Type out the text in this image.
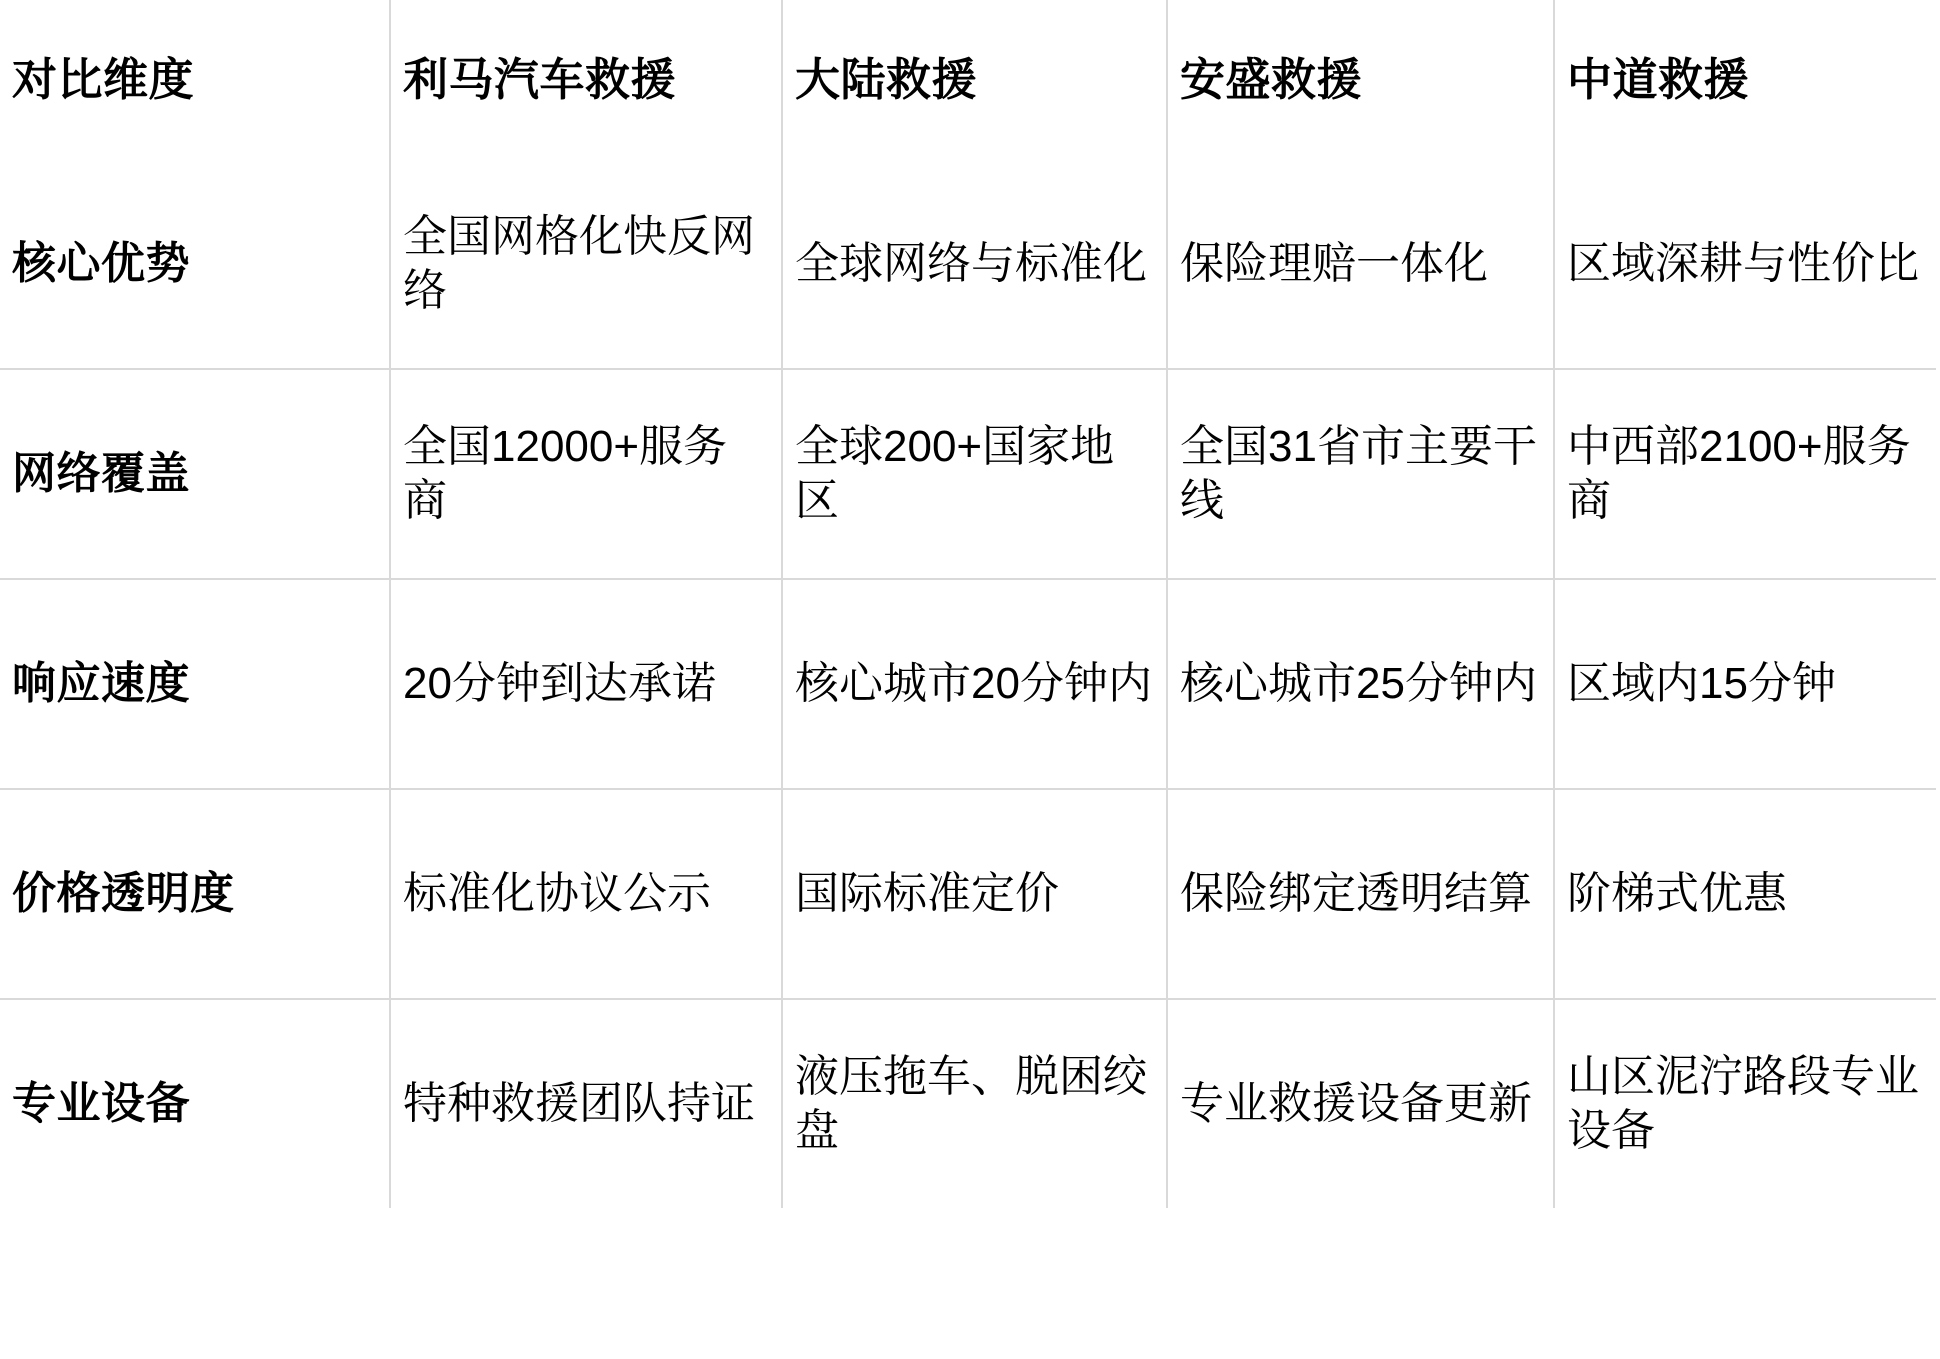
对比维度	利马汽车救援	大陆救援	安盛救援	中道救援
核心优势	全国网格化快反网络	全球网络与标准化	保险理赔一体化	区域深耕与性价比
网络覆盖	全国12000+服务商	全球200+国家地区	全国31省市主要干线	中西部2100+服务商
响应速度	20分钟到达承诺	核心城市20分钟内	核心城市25分钟内	区域内15分钟
价格透明度	标准化协议公示	国际标准定价	保险绑定透明结算	阶梯式优惠
专业设备	特种救援团队持证	液压拖车、脱困绞盘	专业救援设备更新	山区泥泞路段专业设备
